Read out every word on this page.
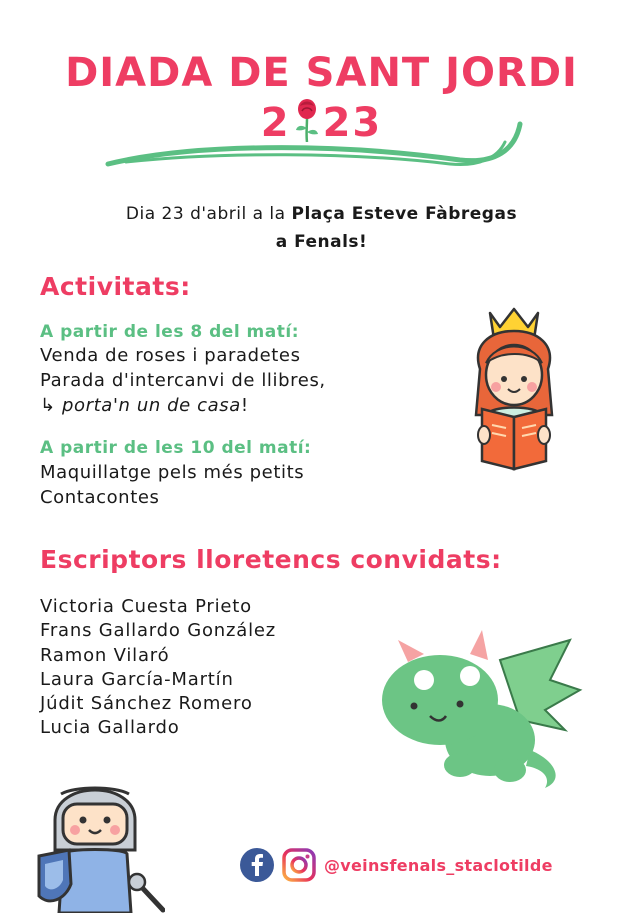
DIADA DE SANT JORDI
2 23
Dia 23 d'abril a la Plaça Esteve Fàbregas
a Fenals!
Activitats:
A partir de les 8 del matí:
Venda de roses i paradetes
Parada d'intercanvi de llibres,
↳ porta'n un de casa!
A partir de les 10 del matí:
Maquillatge pels més petits
Contacontes
Escriptors lloretencs convidats:
Victoria Cuesta Prieto
Frans Gallardo González
Ramon Vilaró
Laura García-Martín
Júdit Sánchez Romero
Lucia Gallardo
@veinsfenals_staclotilde
